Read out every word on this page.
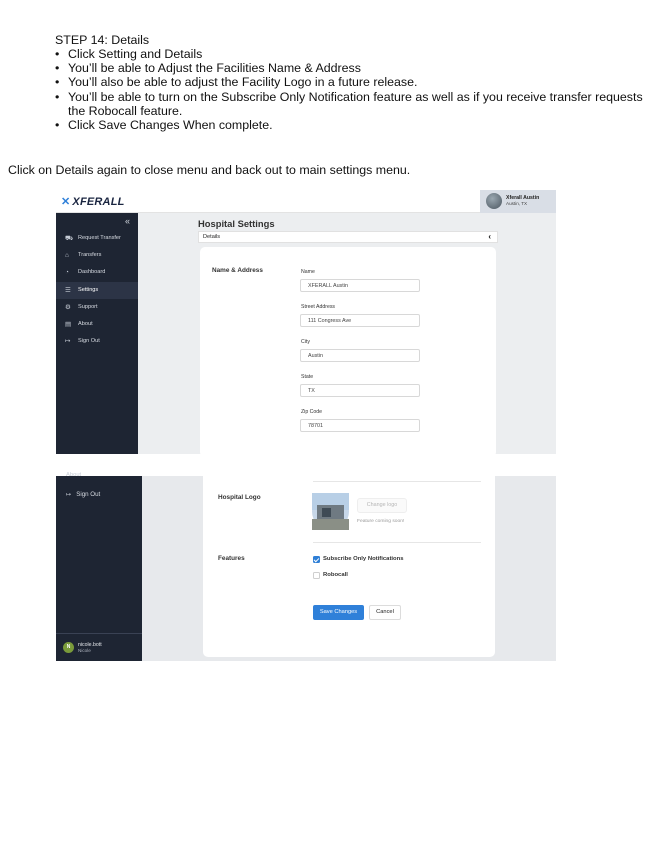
STEP 14: Details
• Click Setting and Details
• You’ll be able to Adjust the Facilities Name & Address
• You’ll also be able to adjust the Facility Logo in a future release.
• You’ll be able to turn on the Subscribe Only Notification feature as well as if you receive transfer requests the Robocall feature.
• Click Save Changes When complete.
Click on Details again to close menu and back out to main settings menu.
✕ XFERALL	Xferall Austin
Austin, TX
«
⛟ Request Transfer
⌂ Transfers
◔ Dashboard
☰ Settings
⚙ Support
▤ About
↦ Sign Out
Hospital Settings
Details	‹
Name & Address	Name
XFERALL Austin
Street Address
111 Congress Ave
City
Austin
State
TX
Zip Code
78701
About
↦ Sign Out
N	nicole.bott
Nicole
Hospital Logo
Change logo
Feature coming soon!
Features	Subscribe Only Notifications
Robocall
Save Changes	Cancel
